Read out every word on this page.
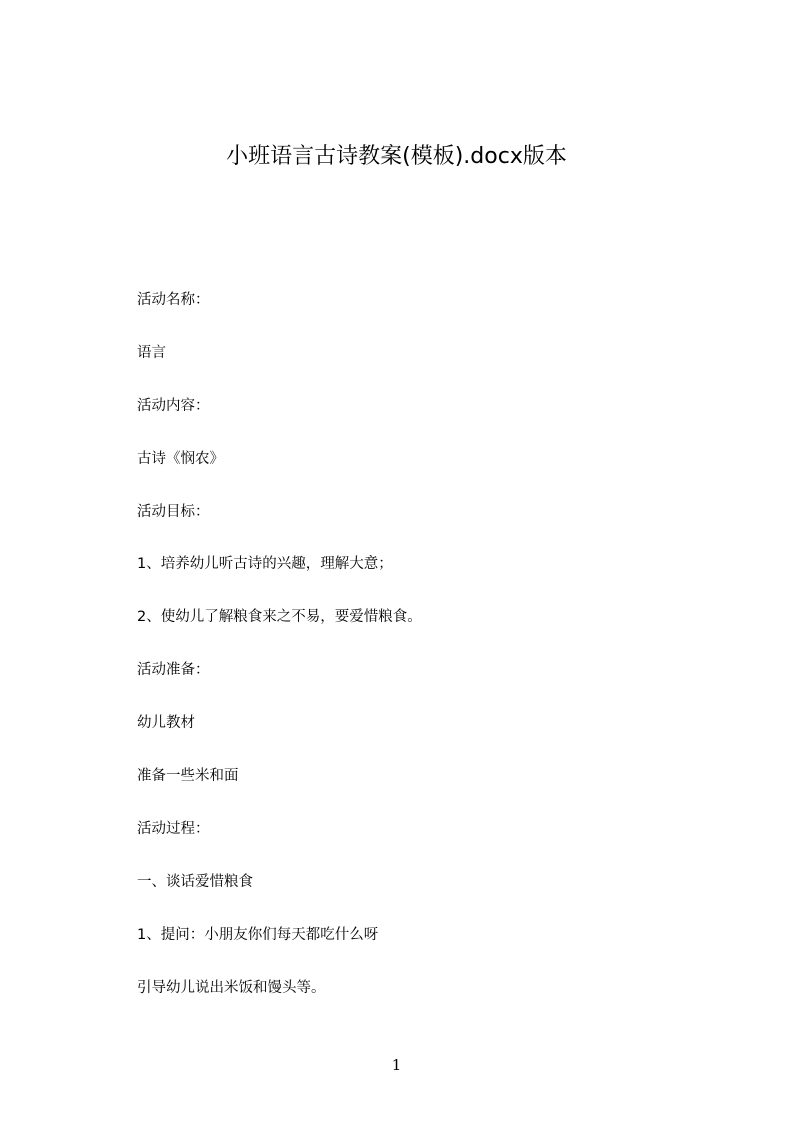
小班语言古诗教案(模板).docx版本
活动名称：
语言
活动内容：
古诗《悯农》
活动目标：
1、培养幼儿听古诗的兴趣，理解大意；
2、使幼儿了解粮食来之不易，要爱惜粮食。
活动准备：
幼儿教材
准备一些米和面
活动过程：
一、谈话爱惜粮食
1、提问：小朋友你们每天都吃什么呀
引导幼儿说出米饭和馒头等。
1
